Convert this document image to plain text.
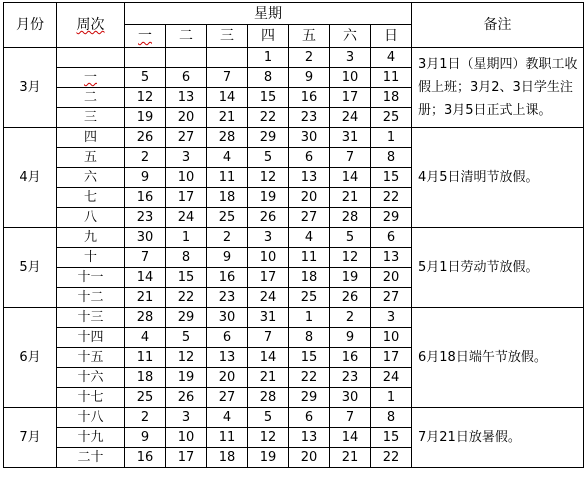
月份	周次	星期							备注
		一	二	三	四	五	六	日	
3月					1	2	3	4	3月1日（星期四）教职工收假上班；3月2、3日学生注册；3月5日正式上课。
	一	5	6	7	8	9	10	11	
	二	12	13	14	15	16	17	18	
	三	19	20	21	22	23	24	25	
4月	四	26	27	28	29	30	31	1	4月5日清明节放假。
	五	2	3	4	5	6	7	8	
	六	9	10	11	12	13	14	15	
	七	16	17	18	19	20	21	22	
	八	23	24	25	26	27	28	29	
5月	九	30	1	2	3	4	5	6	5月1日劳动节放假。
	十	7	8	9	10	11	12	13	
	十一	14	15	16	17	18	19	20	
	十二	21	22	23	24	25	26	27	
6月	十三	28	29	30	31	1	2	3	6月18日端午节放假。
	十四	4	5	6	7	8	9	10	
	十五	11	12	13	14	15	16	17	
	十六	18	19	20	21	22	23	24	
	十七	25	26	27	28	29	30	1	
7月	十八	2	3	4	5	6	7	8	7月21日放暑假。
	十九	9	10	11	12	13	14	15	
	二十	16	17	18	19	20	21	22	
